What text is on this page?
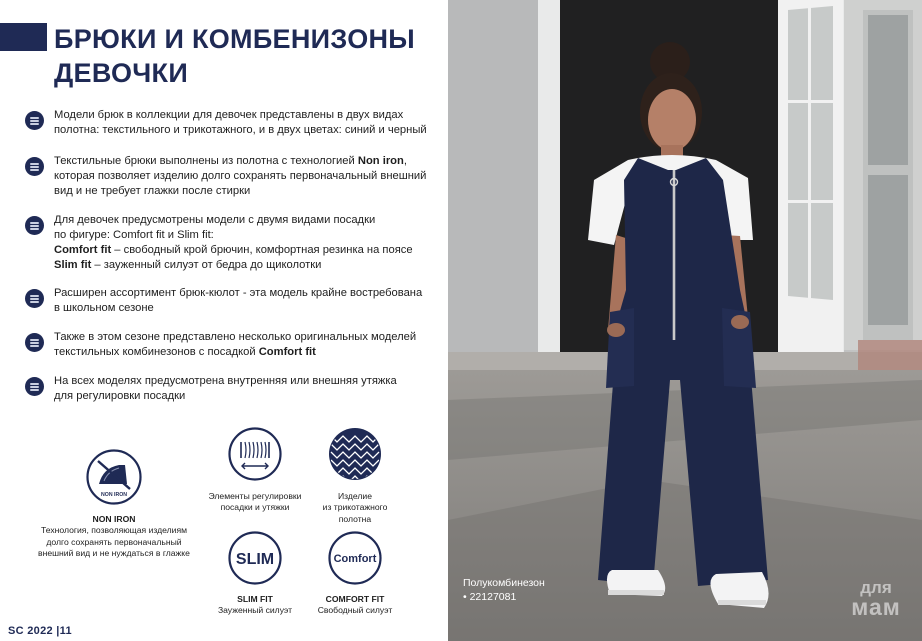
БРЮКИ И КОМБЕНИЗОНЫ
ДЕВОЧКИ
Модели брюк в коллекции для девочек представлены в двух видах
полотна: текстильного и трикотажного, и в двух цветах: синий и черный
Текстильные брюки выполнены из полотна с технологией Non iron,
которая позволяет изделию долго сохранять первоначальный внешний
вид и не требует глажки после стирки
Для девочек предусмотрены модели с двумя видами посадки
по фигуре: Comfort fit и Slim fit:
Comfort fit – свободный крой брючин, комфортная резинка на поясе
Slim fit – зауженный силуэт от бедра до щиколотки
Расширен ассортимент брюк-кюлот - эта модель крайне востребована
в школьном сезоне
Также в этом сезоне представлено несколько оригинальных моделей
текстильных комбинезонов с посадкой Comfort fit
На всех моделях предусмотрена внутренняя или внешняя утяжка
для регулировки посадки
NON IRON
NON IRON
Технология, позволяющая изделиям
долго сохранять первоначальный
внешний вид и не нуждаться в глажке
Элементы регулировки
посадки и утяжки
Изделие
из трикотажного
полотна
SLIM
SLIM FIT
Зауженный силуэт
Comfort
COMFORT FIT
Свободный силуэт
SC 2022 |11
Полукомбинезон
• 22127081	для
мам
